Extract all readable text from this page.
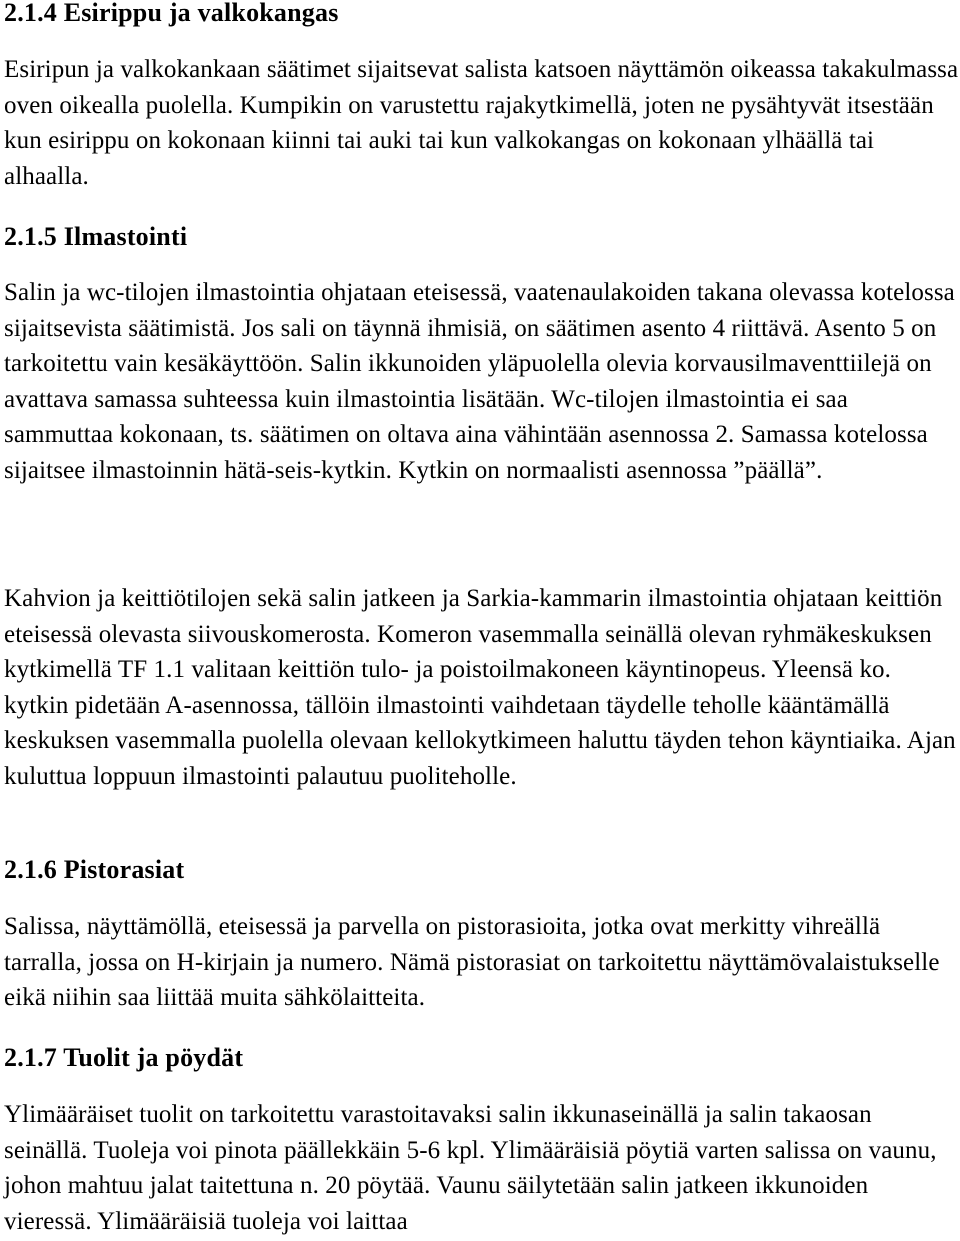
2.1.4 Esirippu ja valkokangas

Esiripun ja valkokankaan säätimet sijaitsevat salista katsoen näyttämön oikeassa takakulmassa oven oikealla puolella. Kumpikin on varustettu rajakytkimellä, joten ne pysähtyvät itsestään kun esirippu on kokonaan kiinni tai auki tai kun valkokangas on kokonaan ylhäällä tai alhaalla.

2.1.5 Ilmastointi

Salin ja wc-tilojen ilmastointia ohjataan eteisessä, vaatenaulakoiden takana olevassa kotelossa sijaitsevista säätimistä. Jos sali on täynnä ihmisiä, on säätimen asento 4 riittävä. Asento 5 on tarkoitettu vain kesäkäyttöön. Salin ikkunoiden yläpuolella olevia korvausilmaventtiilejä on avattava samassa suhteessa kuin ilmastointia lisätään. Wc-tilojen ilmastointia ei saa sammuttaa kokonaan, ts. säätimen on oltava aina vähintään asennossa 2. Samassa kotelossa sijaitsee ilmastoinnin hätä-seis-kytkin. Kytkin on normaalisti asennossa ”päällä”.

Kahvion ja keittiötilojen sekä salin jatkeen ja Sarkia-kammarin ilmastointia ohjataan keittiön eteisessä olevasta siivouskomerosta. Komeron vasemmalla seinällä olevan ryhmäkeskuksen kytkimellä TF 1.1 valitaan keittiön tulo- ja poistoilmakoneen käyntinopeus. Yleensä ko. kytkin pidetään A-asennossa, tällöin ilmastointi vaihdetaan täydelle teholle kääntämällä keskuksen vasemmalla puolella olevaan kellokytkimeen haluttu täyden tehon käyntiaika. Ajan kuluttua loppuun ilmastointi palautuu puoliteholle.

2.1.6 Pistorasiat

Salissa, näyttämöllä, eteisessä ja parvella on pistorasioita, jotka ovat merkitty vihreällä tarralla, jossa on H-kirjain ja numero. Nämä pistorasiat on tarkoitettu näyttämövalaistukselle eikä niihin saa liittää muita sähkölaitteita.

2.1.7 Tuolit ja pöydät

Ylimääräiset tuolit on tarkoitettu varastoitavaksi salin ikkunaseinällä ja salin takaosan seinällä. Tuoleja voi pinota päällekkäin 5-6 kpl. Ylimääräisiä pöytiä varten salissa on vaunu, johon mahtuu jalat taitettuna n. 20 pöytää. Vaunu säilytetään salin jatkeen ikkunoiden vieressä. Ylimääräisiä tuoleja voi laittaa
